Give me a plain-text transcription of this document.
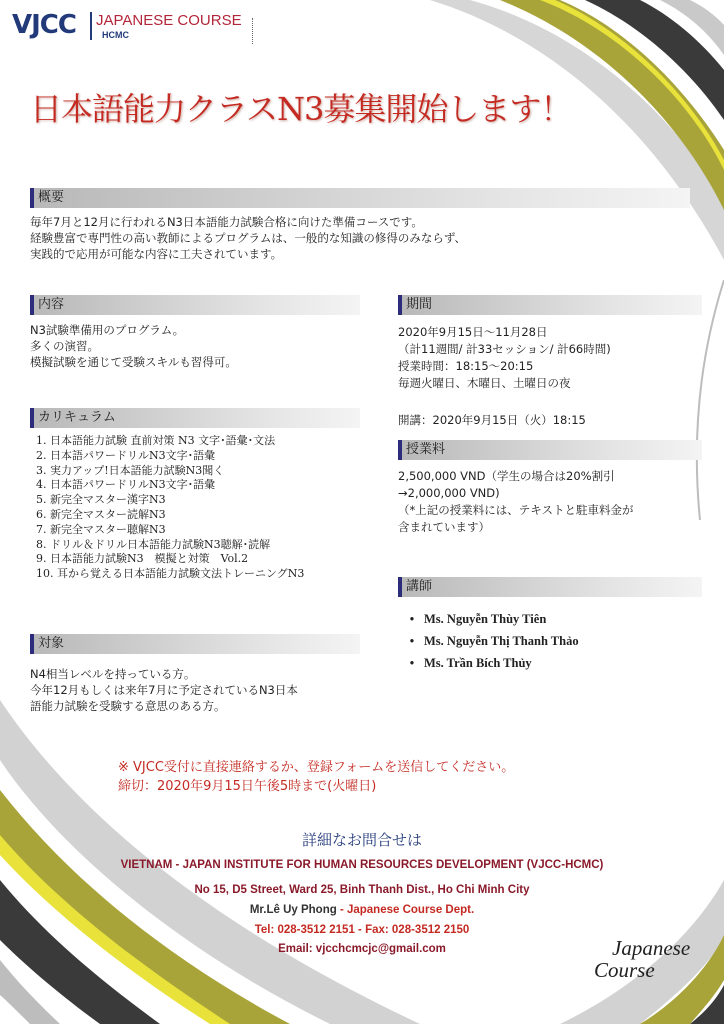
VJCC JAPANESE COURSE
HCMC
日本語能力クラスN3募集開始します！
概要
毎年7月と12月に行われるN3日本語能力試験合格に向けた準備コースです。
経験豊富で専門性の高い教師によるプログラムは、一般的な知識の修得のみならず、
実践的で応用が可能な内容に工夫されています。
内容
N3試験準備用のプログラム。
多くの演習。
模擬試験を通じて受験スキルも習得可。
期間
2020年9月15日～11月28日
（計11週間/ 計33セッション/ 計66時間)
授業時間：18:15～20:15
毎週火曜日、木曜日、土曜日の夜
開講：2020年9月15日（火）18:15
カリキュラム
1. 日本語能力試験 直前対策 N3 文字･語彙･文法
2. 日本語パワードリルN3文字･語彙
3. 実力アップ!日本語能力試験N3聞く
4. 日本語パワードリルN3文字･語彙
5. 新完全マスター漢字N3
6. 新完全マスター読解N3
7. 新完全マスター聴解N3
8. ドリル＆ドリル日本語能力試験N3聴解･読解
9. 日本語能力試験N3　模擬と対策　Vol.2
10. 耳から覚える日本語能力試験文法トレーニングN3
授業料
2,500,000 VND（学生の場合は20%割引
→2,000,000 VND)
（*上記の授業料には、テキストと駐車料金が
含まれています）
講師
• Ms. Nguyễn Thùy Tiên
• Ms. Nguyễn Thị Thanh Thảo
• Ms. Trần Bích Thủy
対象
N4相当レベルを持っている方。
今年12月もしくは来年7月に予定されているN3日本
語能力試験を受験する意思のある方。
※ VJCC受付に直接連絡するか、登録フォームを送信してください。
締切：2020年9月15日午後5時まで(火曜日)
詳細なお問合せは
VIETNAM - JAPAN INSTITUTE FOR HUMAN RESOURCES DEVELOPMENT (VJCC-HCMC)
No 15, D5 Street, Ward 25, Binh Thanh Dist., Ho Chi Minh City
Mr.Lê Uy Phong - Japanese Course Dept.
Tel: 028-3512 2151 - Fax: 028-3512 2150
Email: vjcchcmcjc@gmail.com	Japanese
Course
